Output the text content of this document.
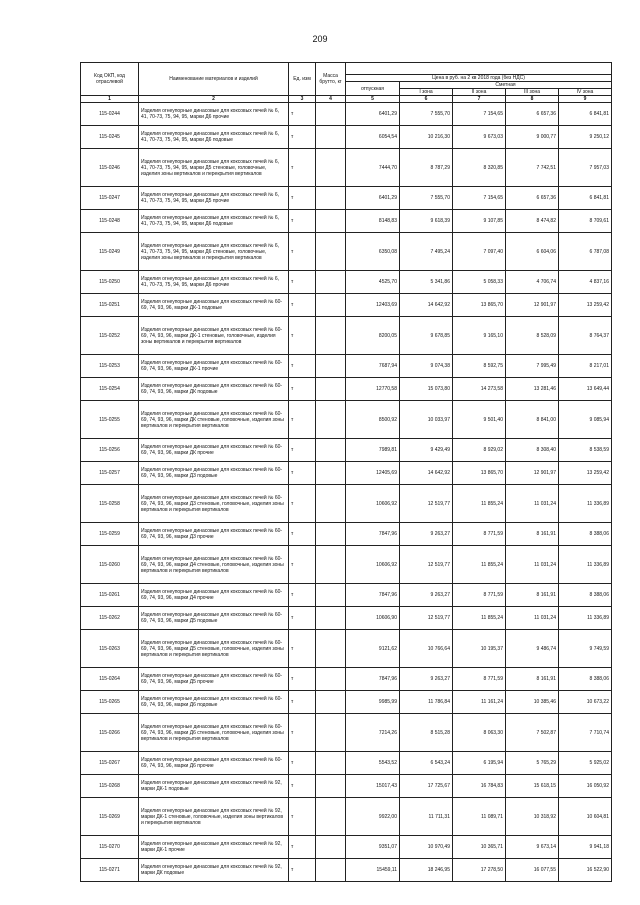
209
Код ОКП, код отраслевой	Наименование материалов и изделий	Ед. изм	Масса брутто, кг					
				Цена в руб. на 2 кв 2018 года (без НДС)				
				отпускная	Сметная			
					I зона	II зона	III зона	IV зона
1	2	3	4	5	6	7	8	9
115-0244	Изделия огнеупорные динасовые для коксовых печей № 6, 41, 70-73, 75, 94, 95, марки Д6 прочие	т		6401,29	7 555,70	7 154,65	6 657,36	6 841,81
115-0245	Изделия огнеупорные динасовые для коксовых печей № 6, 41, 70-73, 75, 94, 95, марки Д6 подовые	т		6054,54	10 216,30	9 673,03	9 000,77	9 250,12
115-0246	Изделия огнеупорные динасовые для коксовых печей № 6, 41, 70-73, 75, 94, 95, марки Д5 стеновые, головочные, изделия зоны вертикалов и перекрытия вертикалов	т		7444,70	8 787,29	8 320,85	7 742,51	7 957,03
115-0247	Изделия огнеупорные динасовые для коксовых печей № 6, 41, 70-73, 75, 94, 95, марки Д5 прочие	т		6401,29	7 555,70	7 154,65	6 657,36	6 841,81
115-0248	Изделия огнеупорные динасовые для коксовых печей № 6, 41, 70-73, 75, 94, 95, марки Д6 подовые	т		8148,83	9 618,39	9 107,85	8 474,82	8 709,61
115-0249	Изделия огнеупорные динасовые для коксовых печей № 6, 41, 70-73, 75, 94, 95, марки Д6 стеновые, головочные, изделия зоны вертикалов и перекрытия вертикалов	т		6350,08	7 495,24	7 097,40	6 604,06	6 787,08
115-0250	Изделия огнеупорные динасовые для коксовых печей № 6, 41, 70-73, 75, 94, 95, марки Д6 прочие	т		4525,70	5 341,86	5 058,33	4 706,74	4 837,16
115-0251	Изделия огнеупорные динасовые для коксовых печей № 60-69, 74, 93, 96, марки ДК-1 подовые	т		12403,69	14 642,92	13 865,70	12 901,97	13 259,42
115-0252	Изделия огнеупорные динасовые для коксовых печей № 60-69, 74, 93, 96, марки ДК-1 стеновые, головочные, изделия зоны вертикалов и перекрытия вертикалов	т		8200,05	9 678,85	9 165,10	8 528,09	8 764,37
115-0253	Изделия огнеупорные динасовые для коксовых печей № 60-69, 74, 93, 96, марки ДК-1 прочие	т		7687,94	9 074,38	8 592,75	7 995,49	8 217,01
115-0254	Изделия огнеупорные динасовые для коксовых печей № 60-69, 74, 93, 96, марки ДК подовые	т		12770,58	15 073,80	14 273,58	13 281,46	13 649,44
115-0255	Изделия огнеупорные динасовые для коксовых печей № 60-69, 74, 93, 96, марки ДК стеновые, головочные, изделия зоны вертикалов и перекрытия вертикалов	т		8500,92	10 033,97	9 501,40	8 841,00	9 085,94
115-0256	Изделия огнеупорные динасовые для коксовых печей № 60-69, 74, 93, 96, марки ДК прочие	т		7989,81	9 429,49	8 929,02	8 308,40	8 538,59
115-0257	Изделия огнеупорные динасовые для коксовых печей № 60-69, 74, 93, 96, марки Д3 подовые	т		12405,69	14 642,92	13 865,70	12 901,97	13 259,42
115-0258	Изделия огнеупорные динасовые для коксовых печей № 60-69, 74, 93, 96, марки Д3 стеновые, головочные, изделия зоны вертикалов и перекрытия вертикалов	т		10606,92	12 519,77	11 855,24	11 031,24	11 336,89
115-0259	Изделия огнеупорные динасовые для коксовых печей № 60-69, 74, 93, 96, марки Д3 прочие	т		7847,96	9 263,27	8 771,59	8 161,91	8 388,06
115-0260	Изделия огнеупорные динасовые для коксовых печей № 60-69, 74, 93, 96, марки Д4 стеновые, головочные, изделия зоны вертикалов и перекрытия вертикалов	т		10606,92	12 519,77	11 855,24	11 031,24	11 336,89
115-0261	Изделия огнеупорные динасовые для коксовых печей № 60-69, 74, 93, 96, марки Д4 прочие	т		7847,96	9 263,27	8 771,59	8 161,91	8 388,06
115-0262	Изделия огнеупорные динасовые для коксовых печей № 60-69, 74, 93, 96, марки Д5 подовые	т		10606,90	12 519,77	11 855,24	11 031,24	11 336,89
115-0263	Изделия огнеупорные динасовые для коксовых печей № 60-69, 74, 93, 96, марки Д5 стеновые, головочные, изделия зоны вертикалов и перекрытия вертикалов	т		9121,62	10 766,64	10 195,37	9 486,74	9 749,59
115-0264	Изделия огнеупорные динасовые для коксовых печей № 60-69, 74, 93, 96, марки Д5 прочие	т		7847,96	9 263,27	8 771,59	8 161,91	8 388,06
115-0265	Изделия огнеупорные динасовые для коксовых печей № 60-69, 74, 93, 96, марки Д6 подовые	т		9985,99	11 786,84	11 161,24	10 385,46	10 673,22
115-0266	Изделия огнеупорные динасовые для коксовых печей № 60-69, 74, 93, 96, марки Д6 стеновые, головочные, изделия зоны вертикалов и перекрытия вертикалов	т		7214,26	8 515,28	8 063,30	7 502,87	7 710,74
115-0267	Изделия огнеупорные динасовые для коксовых печей № 60-69, 74, 93, 96, марки Д6 прочие	т		5543,52	6 543,24	6 195,94	5 765,29	5 925,02
115-0268	Изделия огнеупорные динасовые для коксовых печей № 92, марки ДК-1 подовые	т		15017,43	17 725,67	16 784,83	15 618,15	16 050,92
115-0269	Изделия огнеупорные динасовые для коксовых печей № 92, марки ДК-1 стеновые, головочные, изделия зоны вертикалов и перекрытия вертикалов	т		9922,00	11 711,31	11 089,71	10 318,92	10 604,81
115-0270	Изделия огнеупорные динасовые для коксовых печей № 92, марки ДК-1 прочие	т		9351,07	10 970,49	10 365,71	9 673,14	9 941,18
115-0271	Изделия огнеупорные динасовые для коксовых печей № 92, марки ДК подовые	т		15459,11	18 246,95	17 278,50	16 077,55	16 522,90
